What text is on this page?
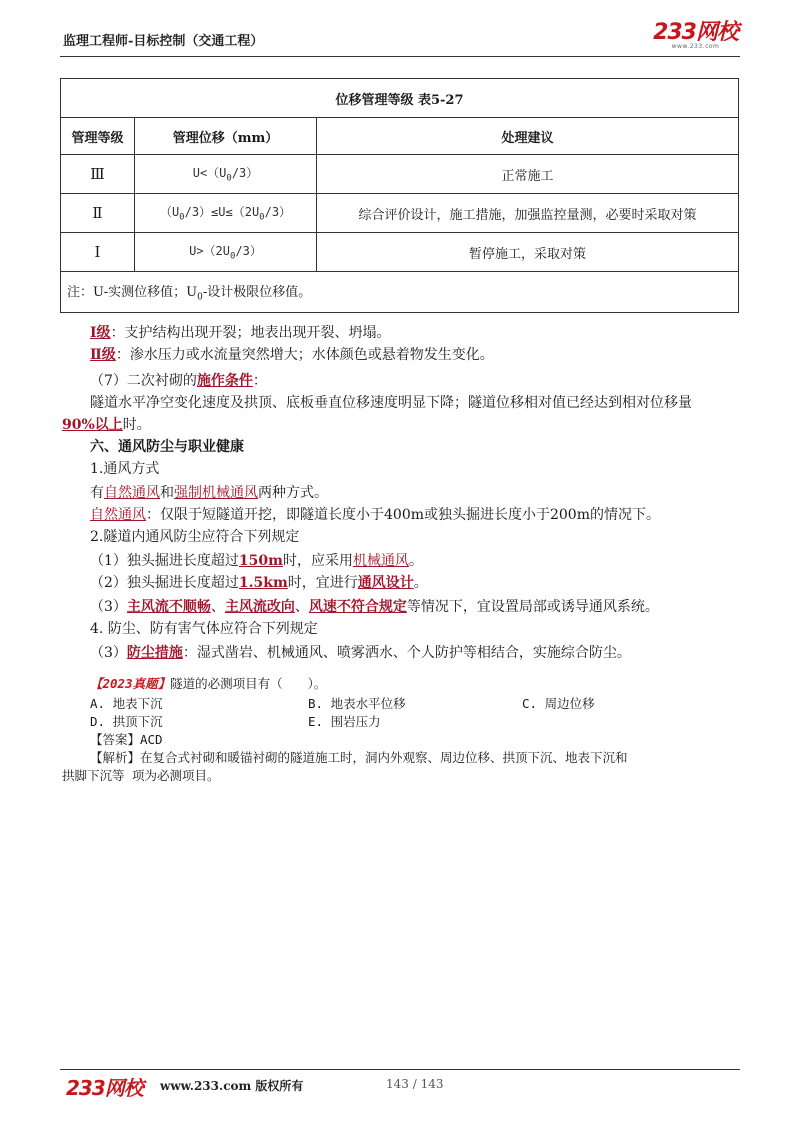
监理工程师-目标控制（交通工程）	233网校
www.233.com
位移管理等级 表5-27		
管理等级	管理位移（mm）	处理建议
Ⅲ	$U<(U_0/3)$	正常施工
Ⅱ	$(U_0/3)\le U\le(2U_0/3)$	综合评价设计，施工措施，加强监控量测，必要时采取对策
Ⅰ	$U>(2U_0/3)$	暂停施工，采取对策
注：U-实测位移值；$U_0-$设计极限位移值。		
Ⅰ级：支护结构出现开裂；地表出现开裂、坍塌。
Ⅱ级：渗水压力或水流量突然增大；水体颜色或悬着物发生变化。
（7）二次衬砌的施作条件：
隧道水平净空变化速度及拱顶、底板垂直位移速度明显下降；隧道位移相对值已经达到相对位移量
90%以上时。
六、通风防尘与职业健康
1.通风方式
有自然通风和强制机械通风两种方式。
自然通风：仅限于短隧道开挖，即隧道长度小于400m或独头掘进长度小于200m的情况下。
2.隧道内通风防尘应符合下列规定
（1）独头掘进长度超过150m时，应采用机械通风。
（2）独头掘进长度超过1.5km时，宜进行通风设计。
（3）主风流不顺畅、主风流改向、风速不符合规定等情况下，宜设置局部或诱导通风系统。
4. 防尘、防有害气体应符合下列规定
（3）防尘措施：湿式凿岩、机械通风、喷雾洒水、个人防护等相结合，实施综合防尘。
【2023真题】隧道的必测项目有（　　）。
A. 地表下沉	B. 地表水平位移	C. 周边位移
D. 拱顶下沉	E. 围岩压力
【答案】ACD
【解析】在复合式衬砌和暖锚衬砌的隧道施工时，洞内外观察、周边位移、拱顶下沉、地表下沉和
拱脚下沉等 项为必测项目。
233网校 www.233.com 版权所有	143 / 143
